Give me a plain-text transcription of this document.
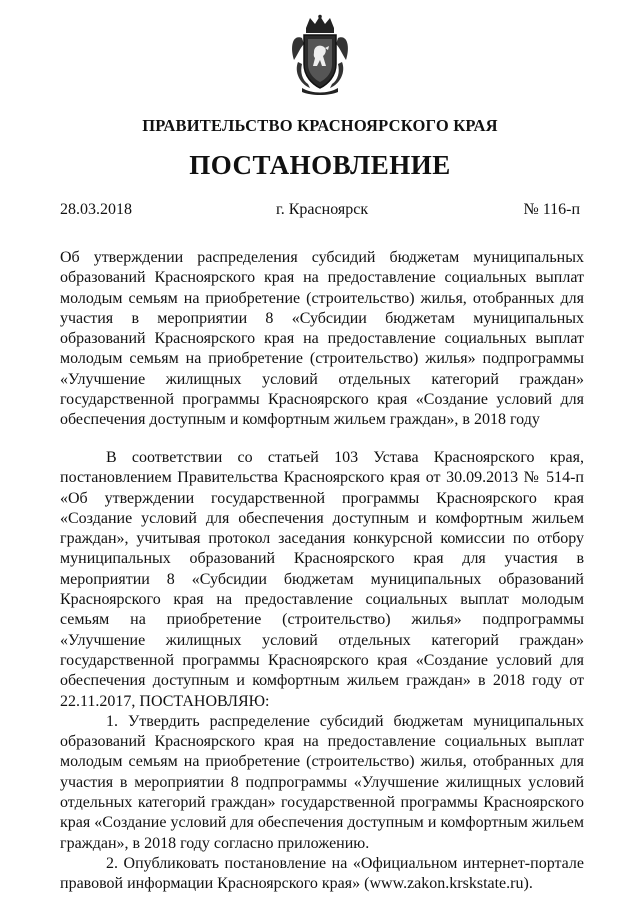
ПРАВИТЕЛЬСТВО КРАСНОЯРСКОГО КРАЯ
ПОСТАНОВЛЕНИЕ
28.03.2018	г. Красноярск	№ 116-п

Об утверждении распределения субсидий бюджетам муниципальных образований Красноярского края на предоставление социальных выплат молодым семьям на приобретение (строительство) жилья, отобранных для участия в мероприятии 8 «Субсидии бюджетам муниципальных образований Красноярского края на предоставление социальных выплат молодым семьям на приобретение (строительство) жилья» подпрограммы «Улучшение жилищных условий отдельных категорий граждан» государственной программы Красноярского края «Создание условий для обеспечения доступным и комфортным жильем граждан», в 2018 году

В соответствии со статьей 103 Устава Красноярского края, постановлением Правительства Красноярского края от 30.09.2013 № 514-п «Об утверждении государственной программы Красноярского края «Создание условий для обеспечения доступным и комфортным жильем граждан», учитывая протокол заседания конкурсной комиссии по отбору муниципальных образований Красноярского края для участия в мероприятии 8 «Субсидии бюджетам муниципальных образований Красноярского края на предоставление социальных выплат молодым семьям на приобретение (строительство) жилья» подпрограммы «Улучшение жилищных условий отдельных категорий граждан» государственной программы Красноярского края «Создание условий для обеспечения доступным и комфортным жильем граждан» в 2018 году от 22.11.2017, ПОСТАНОВЛЯЮ:

1. Утвердить распределение субсидий бюджетам муниципальных образований Красноярского края на предоставление социальных выплат молодым семьям на приобретение (строительство) жилья, отобранных для участия в мероприятии 8 подпрограммы «Улучшение жилищных условий отдельных категорий граждан» государственной программы Красноярского края «Создание условий для обеспечения доступным и комфортным жильем граждан», в 2018 году согласно приложению.

2. Опубликовать постановление на «Официальном интернет-портале правовой информации Красноярского края» (www.zakon.krskstate.ru).
